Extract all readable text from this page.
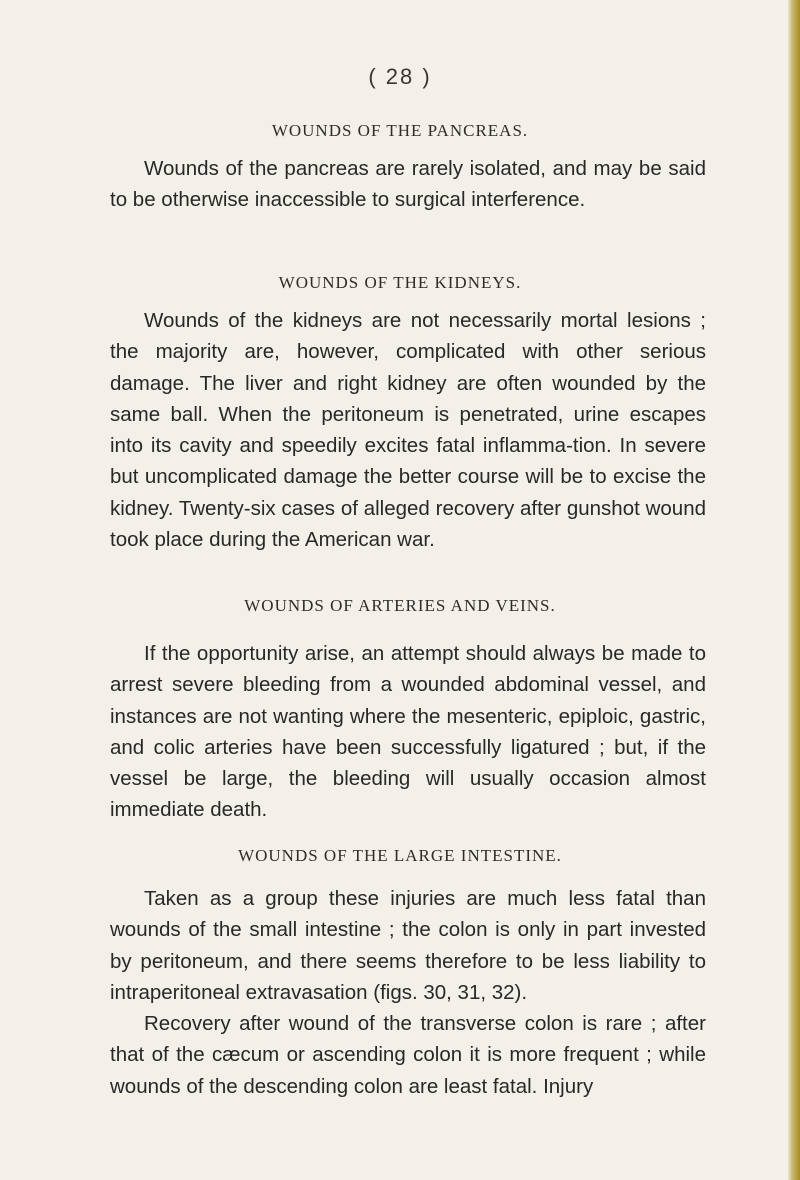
( 28 )
WOUNDS OF THE PANCREAS.

Wounds of the pancreas are rarely isolated, and may be said to be otherwise inaccessible to surgical interference.

WOUNDS OF THE KIDNEYS.

Wounds of the kidneys are not necessarily mortal lesions ; the majority are, however, complicated with other serious damage. The liver and right kidney are often wounded by the same ball. When the peritoneum is penetrated, urine escapes into its cavity and speedily excites fatal inflamma-tion. In severe but uncomplicated damage the better course will be to excise the kidney. Twenty-six cases of alleged recovery after gunshot wound took place during the American war.

WOUNDS OF ARTERIES AND VEINS.

If the opportunity arise, an attempt should always be made to arrest severe bleeding from a wounded abdominal vessel, and instances are not wanting where the mesenteric, epiploic, gastric, and colic arteries have been successfully ligatured ; but, if the vessel be large, the bleeding will usually occasion almost immediate death.

WOUNDS OF THE LARGE INTESTINE.

Taken as a group these injuries are much less fatal than wounds of the small intestine ; the colon is only in part invested by peritoneum, and there seems therefore to be less liability to intraperitoneal extravasation (figs. 30, 31, 32).

Recovery after wound of the transverse colon is rare ; after that of the cæcum or ascending colon it is more frequent ; while wounds of the descending colon are least fatal. Injury
